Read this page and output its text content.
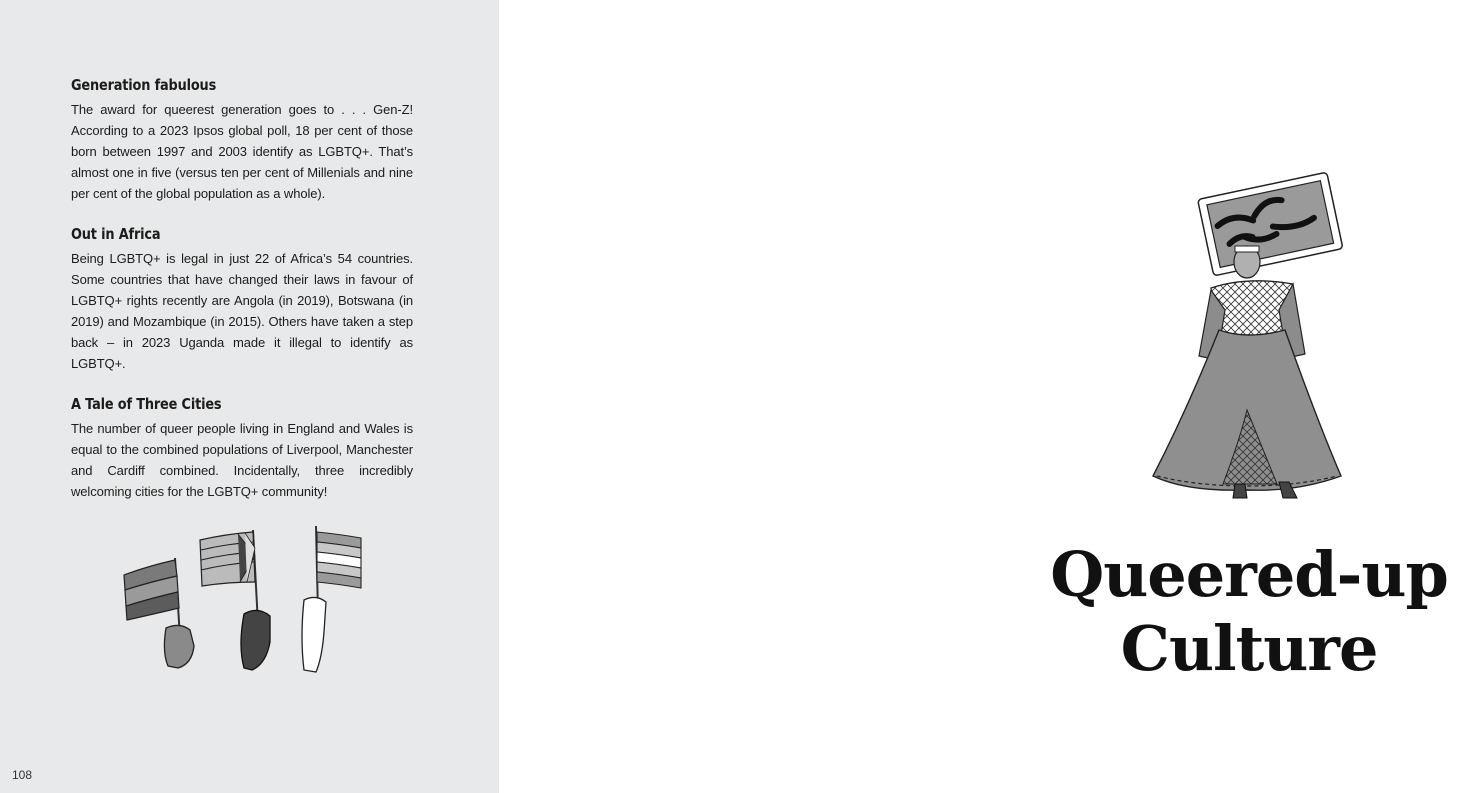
Generation fabulous
The award for queerest generation goes to . . . Gen-Z! According to a 2023 Ipsos global poll, 18 per cent of those born between 1997 and 2003 identify as LGBTQ+. That’s almost one in five (versus ten per cent of Millenials and nine per cent of the global population as a whole).
Out in Africa
Being LGBTQ+ is legal in just 22 of Africa’s 54 countries. Some countries that have changed their laws in favour of LGBTQ+ rights recently are Angola (in 2019), Botswana (in 2019) and Mozambique (in 2015). Others have taken a step back – in 2023 Uganda made it illegal to identify as LGBTQ+.
A Tale of Three Cities
The number of queer people living in England and Wales is equal to the combined populations of Liverpool, Manchester and Cardiff combined. Incidentally, three incredibly welcoming cities for the LGBTQ+ community!
108
Queered-up
Culture
